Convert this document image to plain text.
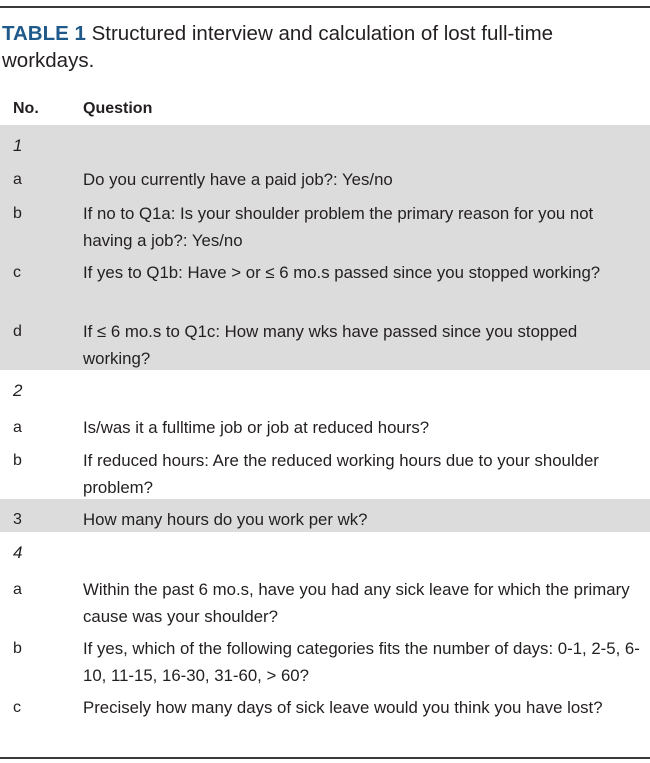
TABLE 1 Structured interview and calculation of lost full-time workdays.
No.	Question
1
a	Do you currently have a paid job?: Yes/no
b	If no to Q1a: Is your shoulder problem the primary reason for you not having a job?: Yes/no
c	If yes to Q1b: Have > or ≤ 6 mo.s passed since you stopped working?
d	If ≤ 6 mo.s to Q1c: How many wks have passed since you stopped working?
2
a	Is/was it a fulltime job or job at reduced hours?
b	If reduced hours: Are the reduced working hours due to your shoulder problem?
3	How many hours do you work per wk?
4
a	Within the past 6 mo.s, have you had any sick leave for which the primary cause was your shoulder?
b	If yes, which of the following categories fits the number of days: 0-1, 2-5, 6-10, 11-15, 16-30, 31-60, > 60?
c	Precisely how many days of sick leave would you think you have lost?
